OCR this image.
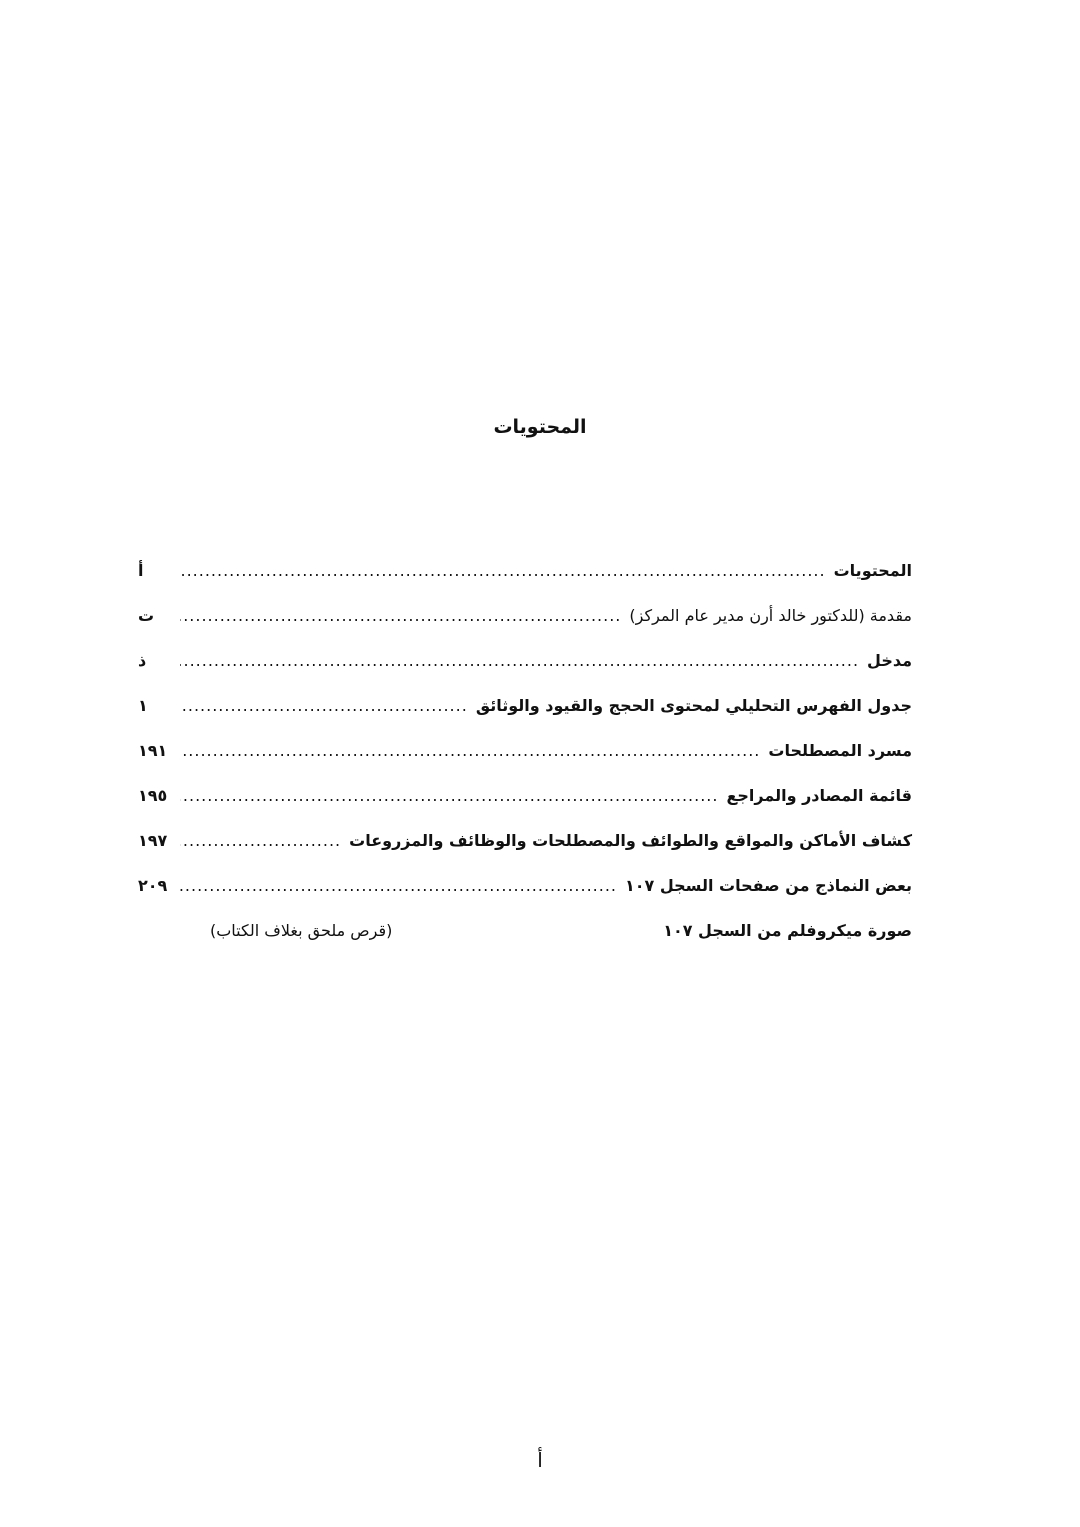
المحتويات
المحتويات
.....
أ
مقدمة (للدكتور خالد أرن مدير عام المركز)
.....
ت
مدخل
.....
ذ
جدول الفهرس التحليلي لمحتوى الحجج والقيود والوثائق
.....
١
مسرد المصطلحات
.....
١٩١
قائمة المصادر والمراجع
.....
١٩٥
كشاف الأماكن والمواقع والطوائف والمصطلحات والوظائف والمزروعات
.....
١٩٧
بعض النماذج من صفحات السجل ١٠٧
.....
٢٠٩
صورة ميكروفلم من السجل ١٠٧
(قرص ملحق بغلاف الكتاب)
أ
